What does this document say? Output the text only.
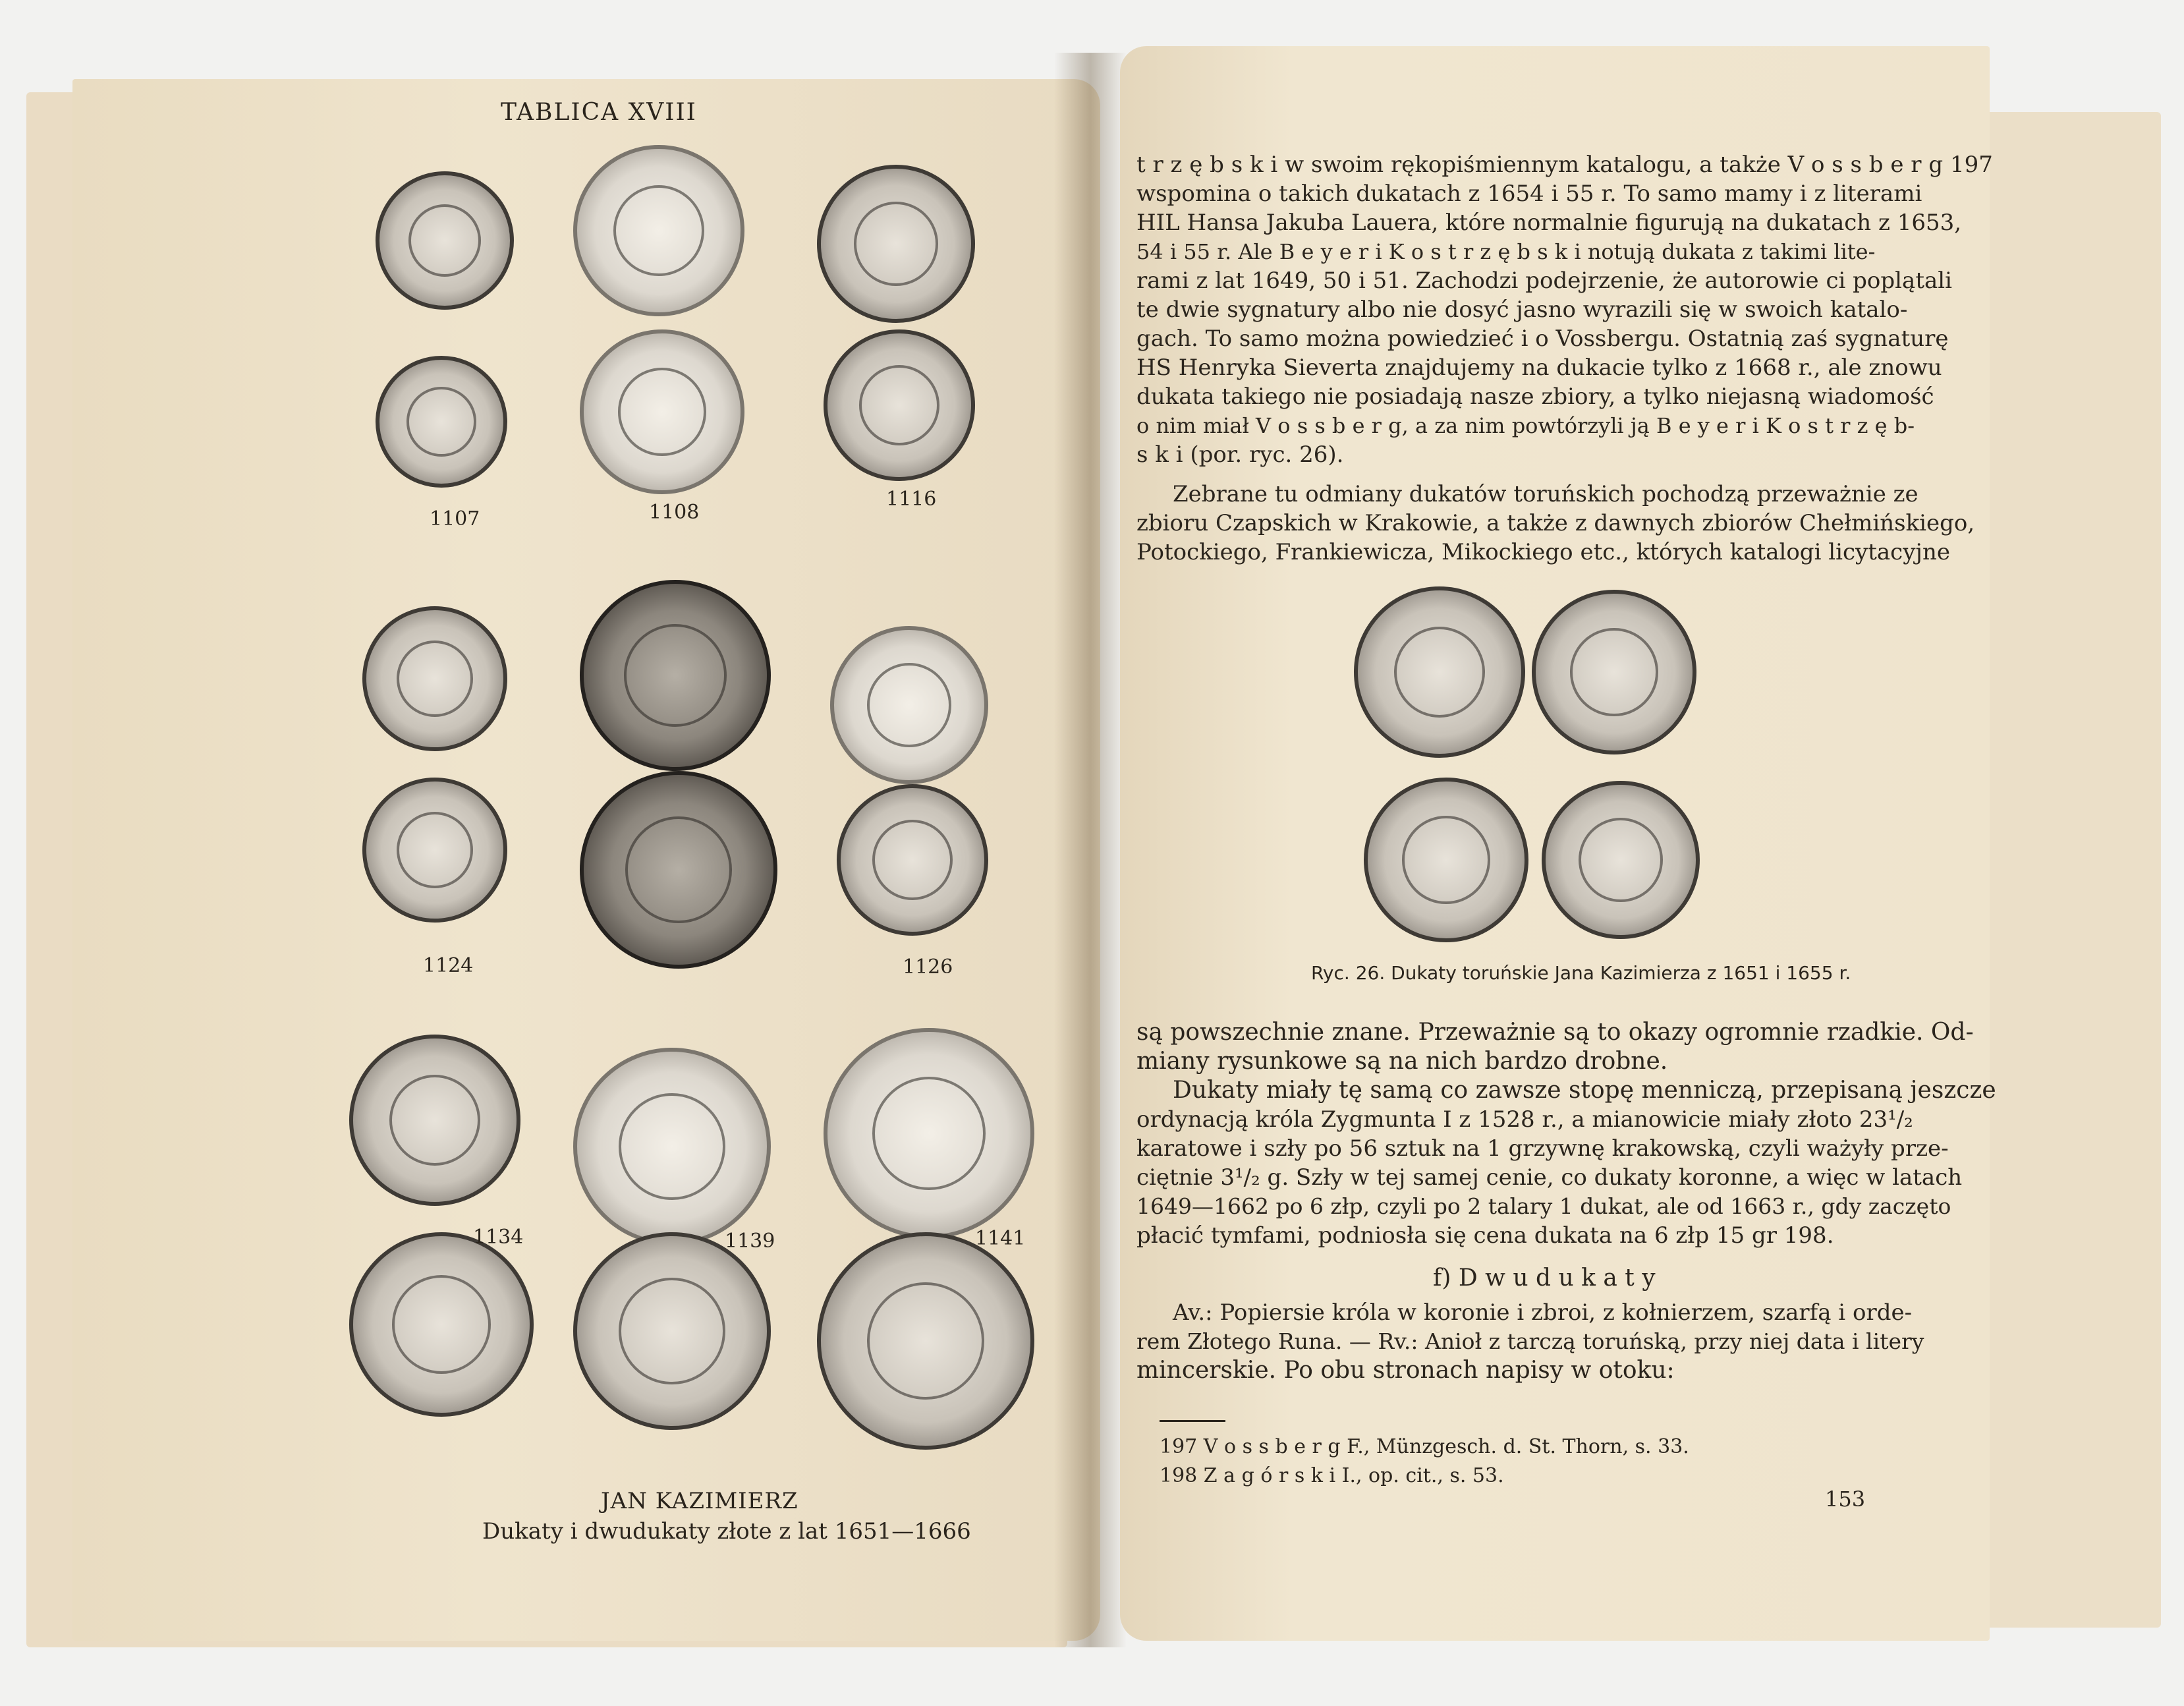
TABLICA XVIII
1107	1108
1116
1124	1126
1134	1139	1141
JAN KAZIMIERZ
Dukaty i dwudukaty złote z lat 1651—1666
t r z ę b s k i w swoim rękopiśmiennym katalogu, a także V o s s b e r g 197
wspomina o takich dukatach z 1654 i 55 r. To samo mamy i z literami
HIL Hansa Jakuba Lauera, które normalnie figurują na dukatach z 1653,
54 i 55 r. Ale B e y e r i K o s t r z ę b s k i notują dukata z takimi lite-
rami z lat 1649, 50 i 51. Zachodzi podejrzenie, że autorowie ci poplątali
te dwie sygnatury albo nie dosyć jasno wyrazili się w swoich katalo-
gach. To samo można powiedzieć i o Vossbergu. Ostatnią zaś sygnaturę
HS Henryka Sieverta znajdujemy na dukacie tylko z 1668 r., ale znowu
dukata takiego nie posiadają nasze zbiory, a tylko niejasną wiadomość
o nim miał V o s s b e r g, a za nim powtórzyli ją B e y e r i K o s t r z ę b-
s k i (por. ryc. 26).
Zebrane tu odmiany dukatów toruńskich pochodzą przeważnie ze
zbioru Czapskich w Krakowie, a także z dawnych zbiorów Chełmińskiego,
Potockiego, Frankiewicza, Mikockiego etc., których katalogi licytacyjne
Ryc. 26. Dukaty toruńskie Jana Kazimierza z 1651 i 1655 r.
są powszechnie znane. Przeważnie są to okazy ogromnie rzadkie. Od-
miany rysunkowe są na nich bardzo drobne.
Dukaty miały tę samą co zawsze stopę menniczą, przepisaną jeszcze
ordynacją króla Zygmunta I z 1528 r., a mianowicie miały złoto 23¹/₂
karatowe i szły po 56 sztuk na 1 grzywnę krakowską, czyli ważyły prze-
ciętnie 3¹/₂ g. Szły w tej samej cenie, co dukaty koronne, a więc w latach
1649—1662 po 6 złp, czyli po 2 talary 1 dukat, ale od 1663 r., gdy zaczęto
płacić tymfami, podniosła się cena dukata na 6 złp 15 gr 198.
f) D w u d u k a t y
Av.: Popiersie króla w koronie i zbroi, z kołnierzem, szarfą i orde-
rem Złotego Runa. — Rv.: Anioł z tarczą toruńską, przy niej data i litery
mincerskie. Po obu stronach napisy w otoku:
197 V o s s b e r g F., Münzgesch. d. St. Thorn, s. 33.
198 Z a g ó r s k i I., op. cit., s. 53.
153
